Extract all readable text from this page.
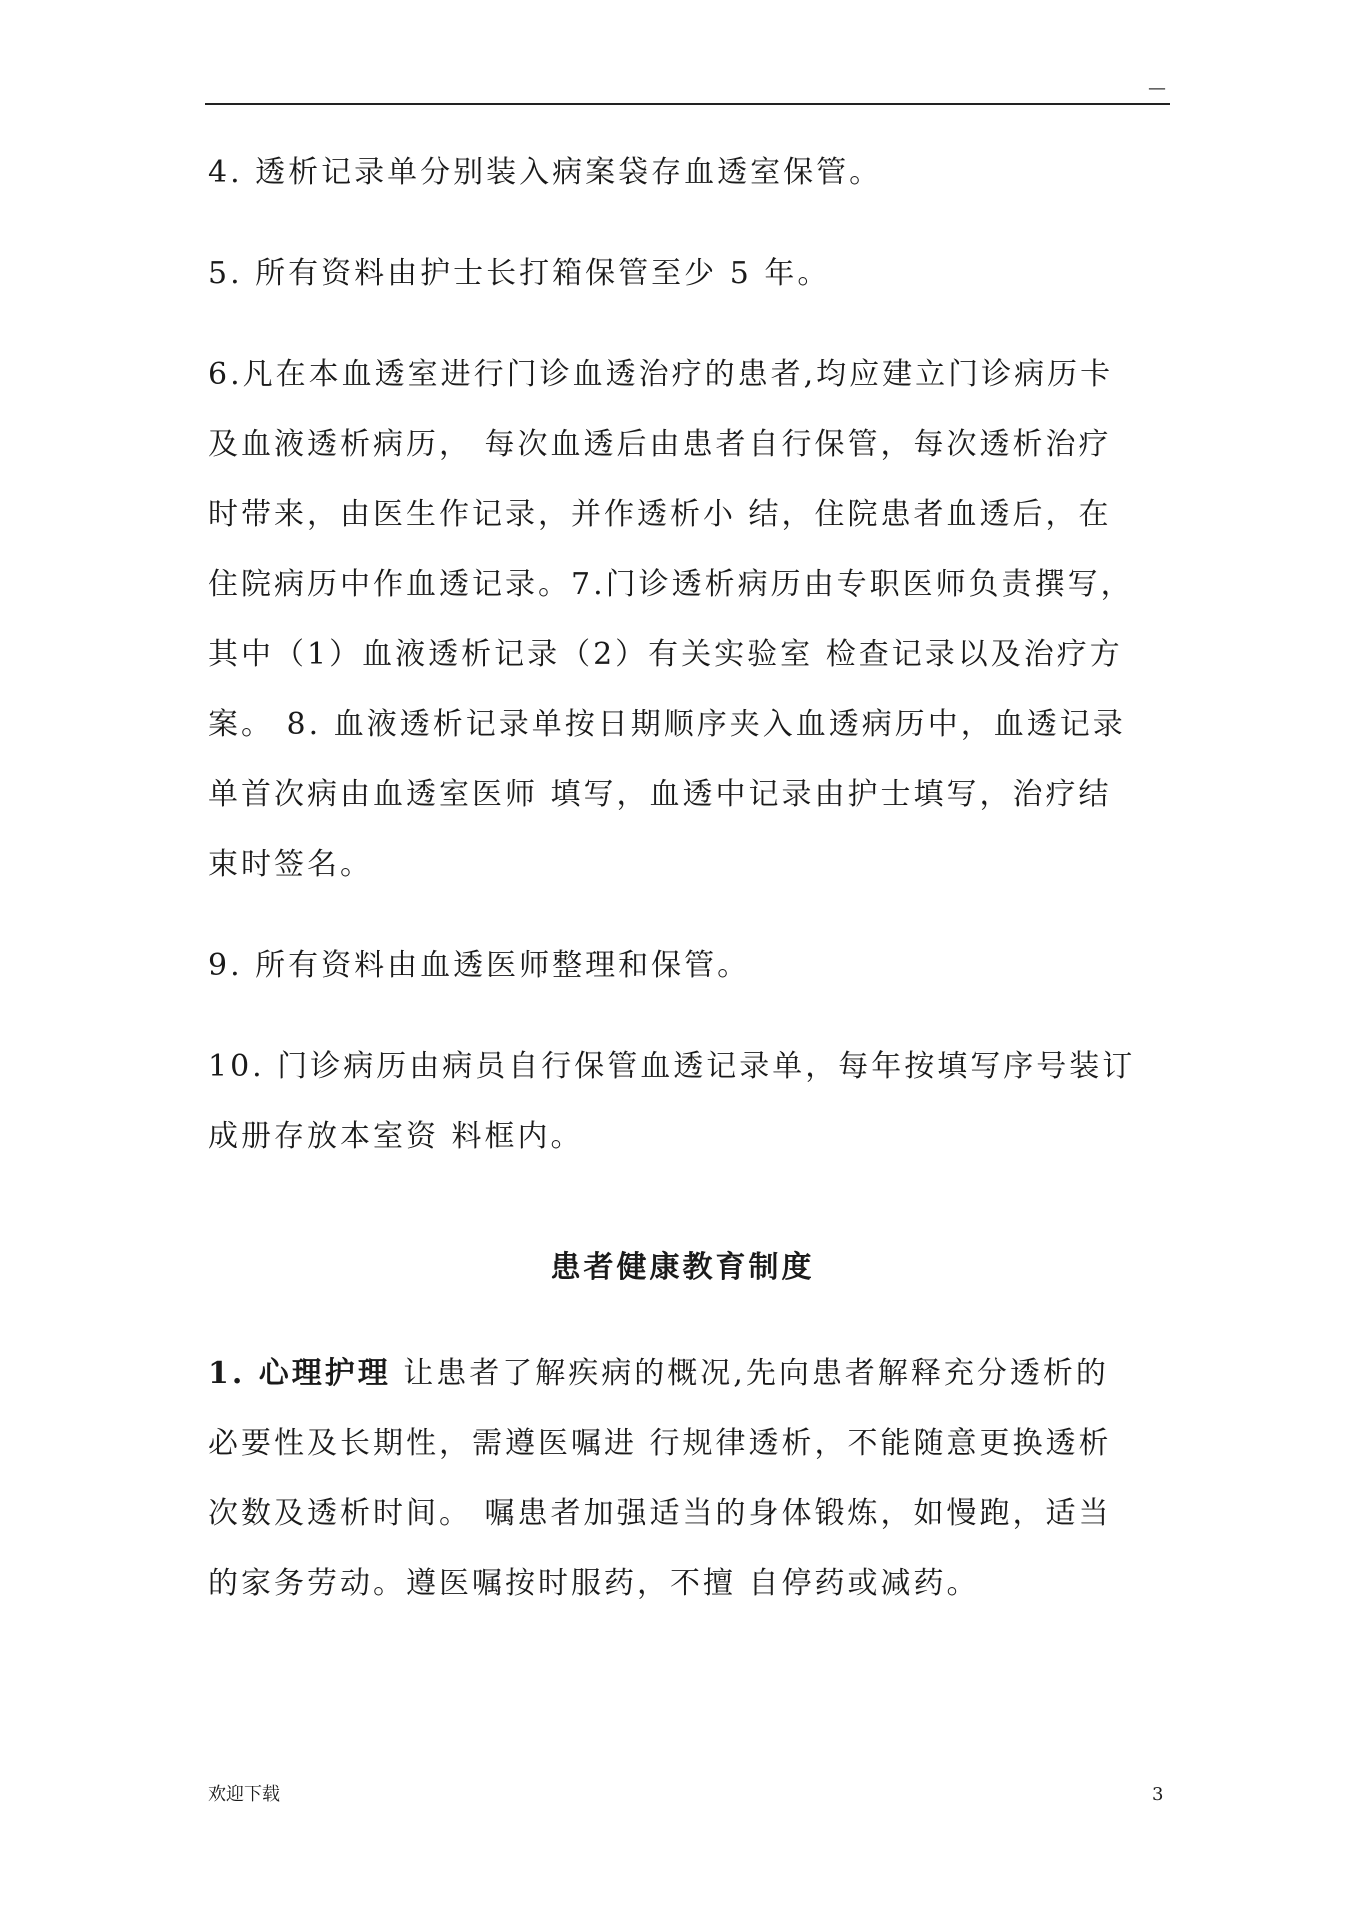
—
4. 透析记录单分别装入病案袋存血透室保管。
5. 所有资料由护士长打箱保管至少 5 年。
6.凡在本血透室进行门诊血透治疗的患者,均应建立门诊病历卡
及血液透析病历， 每次血透后由患者自行保管，每次透析治疗
时带来，由医生作记录，并作透析小 结，住院患者血透后，在
住院病历中作血透记录。7.门诊透析病历由专职医师负责撰写，
其中（1）血液透析记录（2）有关实验室 检查记录以及治疗方
案。 8. 血液透析记录单按日期顺序夹入血透病历中，血透记录
单首次病由血透室医师 填写，血透中记录由护士填写，治疗结
束时签名。
9. 所有资料由血透医师整理和保管。
10. 门诊病历由病员自行保管血透记录单，每年按填写序号装订
成册存放本室资 料框内。
患者健康教育制度
1. 心理护理 让患者了解疾病的概况,先向患者解释充分透析的
必要性及长期性，需遵医嘱进 行规律透析，不能随意更换透析
次数及透析时间。 嘱患者加强适当的身体锻炼，如慢跑，适当
的家务劳动。遵医嘱按时服药，不擅 自停药或减药。
欢迎下载	3
